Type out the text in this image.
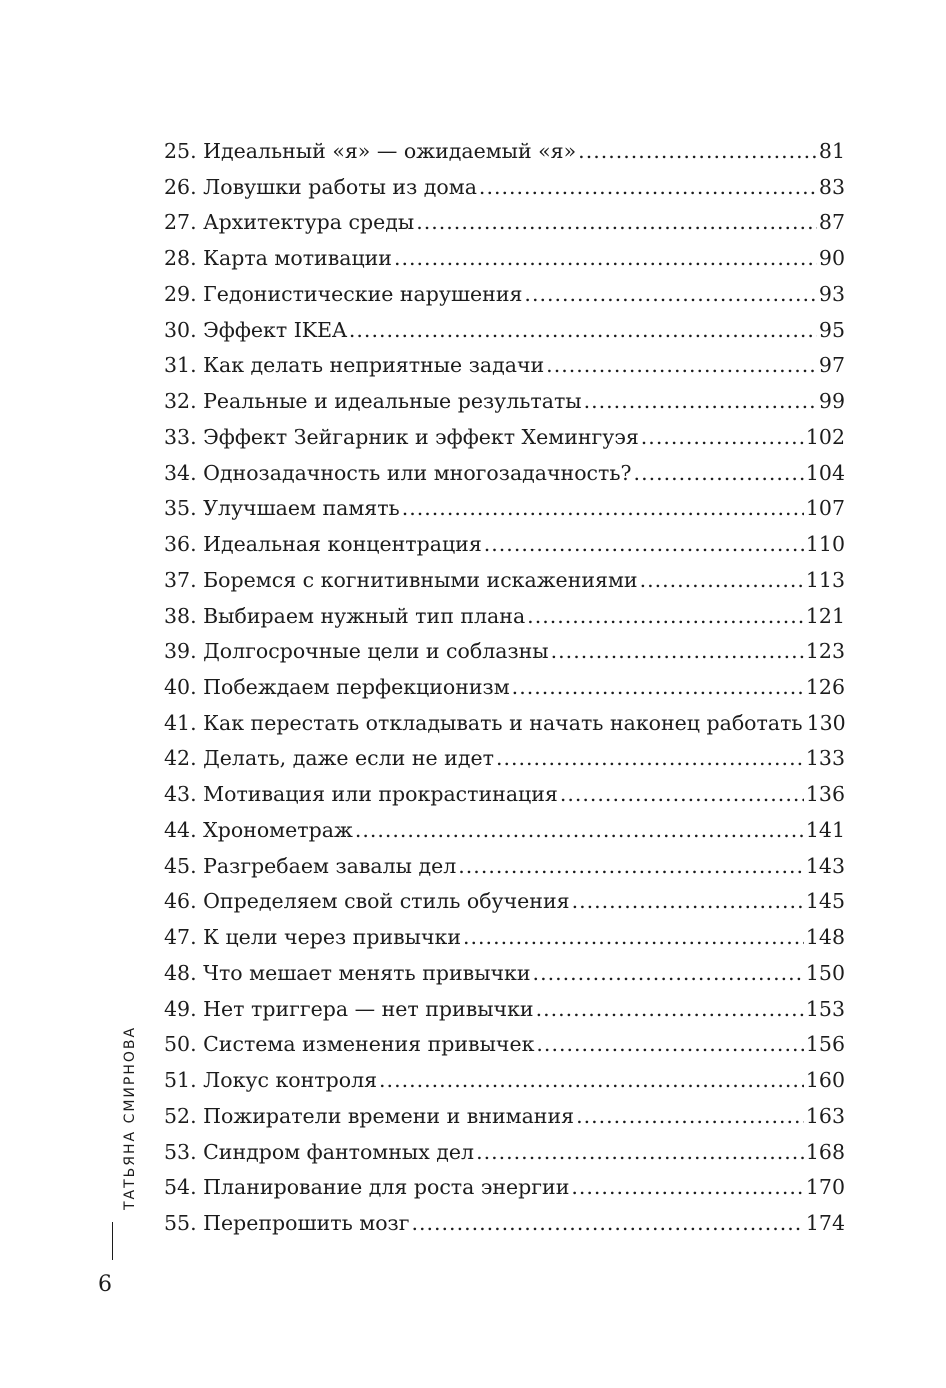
25. Идеальный «я» — ожидаемый «я» .....	81
26. Ловушки работы из дома .....	83
27. Архитектура среды .....	87
28. Карта мотивации .....	90
29. Гедонистические нарушения .....	93
30. Эффект IKEA .....	95
31. Как делать неприятные задачи .....	97
32. Реальные и идеальные результаты .....	99
33. Эффект Зейгарник и эффект Хемингуэя .....	102
34. Однозадачность или многозадачность? .....	104
35. Улучшаем память .....	107
36. Идеальная концентрация .....	110
37. Боремся с когнитивными искажениями .....	113
38. Выбираем нужный тип плана .....	121
39. Долгосрочные цели и соблазны .....	123
40. Побеждаем перфекционизм .....	126
41. Как перестать откладывать и начать наконец работать 130
42. Делать, даже если не идет .....	133
43. Мотивация или прокрастинация .....	136
44. Хронометраж .....	141
45. Разгребаем завалы дел .....	143
46. Определяем свой стиль обучения .....	145
47. К цели через привычки .....	148
48. Что мешает менять привычки .....	150
49. Нет триггера — нет привычки .....	153
50. Система изменения привычек .....	156
51. Локус контроля .....	160
52. Пожиратели времени и внимания .....	163
53. Синдром фантомных дел .....	168
54. Планирование для роста энергии .....	170
55. Перепрошить мозг .....	174
ТАТЬЯНА СМИРНОВА
6
